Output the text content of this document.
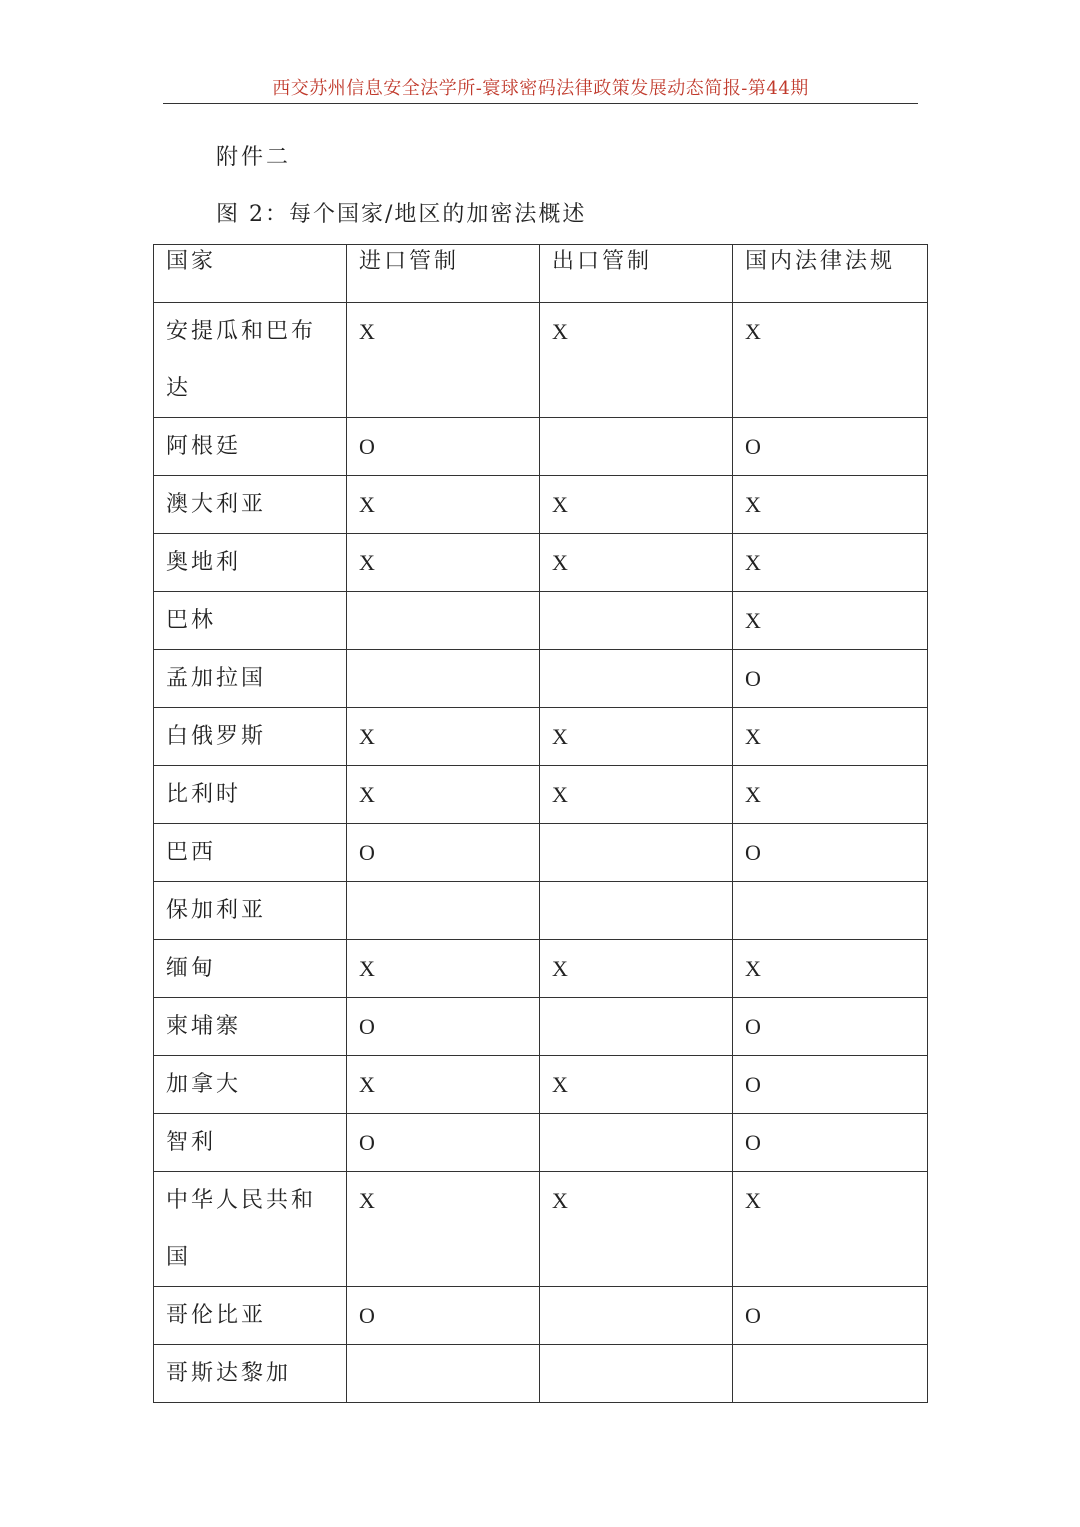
西交苏州信息安全法学所-寰球密码法律政策发展动态简报-第44期
附件二
图 2：每个国家/地区的加密法概述
国家	进口管制	出口管制	国内法律法规

安提瓜和巴布达	X	X	X

阿根廷	O		O

澳大利亚	X	X	X

奥地利	X	X	X

巴林			X

孟加拉国			O

白俄罗斯	X	X	X

比利时	X	X	X

巴西	O		O

保加利亚			

缅甸	X	X	X

柬埔寨	O		O

加拿大	X	X	O

智利	O		O

中华人民共和国	X	X	X

哥伦比亚	O		O

哥斯达黎加			
